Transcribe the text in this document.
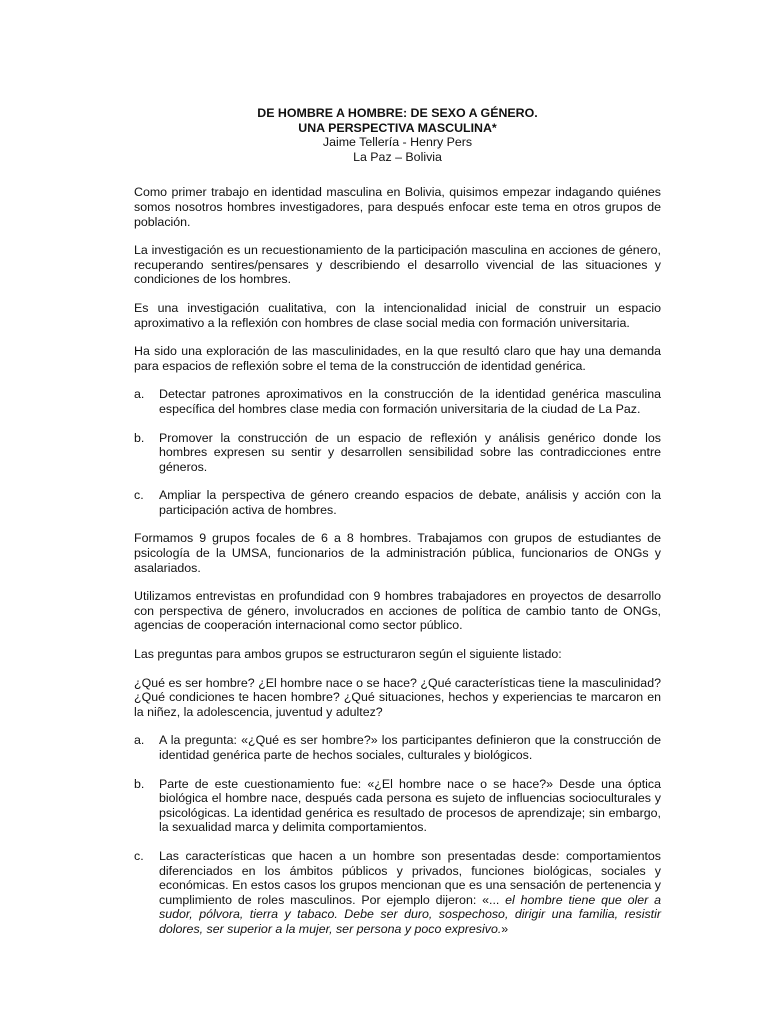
DE HOMBRE A HOMBRE: DE SEXO A GÉNERO.
UNA PERSPECTIVA MASCULINA*
Jaime Tellería - Henry Pers
La Paz – Bolivia

Como primer trabajo en identidad masculina en Bolivia, quisimos empezar indagando quiénes somos nosotros hombres investigadores, para después enfocar este tema en otros grupos de población.

La investigación es un recuestionamiento de la participación masculina en acciones de género, recuperando sentires/pensares y describiendo el desarrollo vivencial de las situaciones y condiciones de los hombres.

Es una investigación cualitativa, con la intencionalidad inicial de construir un espacio aproximativo a la reflexión con hombres de clase social media con formación universitaria.

Ha sido una exploración de las masculinidades, en la que resultó claro que hay una demanda para espacios de reflexión sobre el tema de la construcción de identidad genérica.

a.	Detectar patrones aproximativos en la construcción de la identidad genérica masculina específica del hombres clase media con formación universitaria de la ciudad de La Paz.
b.	Promover la construcción de un espacio de reflexión y análisis genérico donde los hombres expresen su sentir y desarrollen sensibilidad sobre las contradicciones entre géneros.
c.	Ampliar la perspectiva de género creando espacios de debate, análisis y acción con la participación activa de hombres.

Formamos 9 grupos focales de 6 a 8 hombres. Trabajamos con grupos de estudiantes de psicología de la UMSA, funcionarios de la administración pública, funcionarios de ONGs y asalariados.

Utilizamos entrevistas en profundidad con 9 hombres trabajadores en proyectos de desarrollo con perspectiva de género, involucrados en acciones de política de cambio tanto de ONGs, agencias de cooperación internacional como sector público.

Las preguntas para ambos grupos se estructuraron según el siguiente listado:

¿Qué es ser hombre? ¿El hombre nace o se hace? ¿Qué características tiene la masculinidad? ¿Qué condiciones te hacen hombre? ¿Qué situaciones, hechos y experiencias te marcaron en la niñez, la adolescencia, juventud y adultez?

a.	A la pregunta: «¿Qué es ser hombre?» los participantes definieron que la construcción de identidad genérica parte de hechos sociales, culturales y biológicos.
b.	Parte de este cuestionamiento fue: «¿El hombre nace o se hace?» Desde una óptica biológica el hombre nace, después cada persona es sujeto de influencias socioculturales y psicológicas. La identidad genérica es resultado de procesos de aprendizaje; sin embargo, la sexualidad marca y delimita comportamientos.
c.	Las características que hacen a un hombre son presentadas desde: comportamientos diferenciados en los ámbitos públicos y privados, funciones biológicas, sociales y económicas. En estos casos los grupos mencionan que es una sensación de pertenencia y cumplimiento de roles masculinos. Por ejemplo dijeron: «... el hombre tiene que oler a sudor, pólvora, tierra y tabaco. Debe ser duro, sospechoso, dirigir una familia, resistir dolores, ser superior a la mujer, ser persona y poco expresivo.»
